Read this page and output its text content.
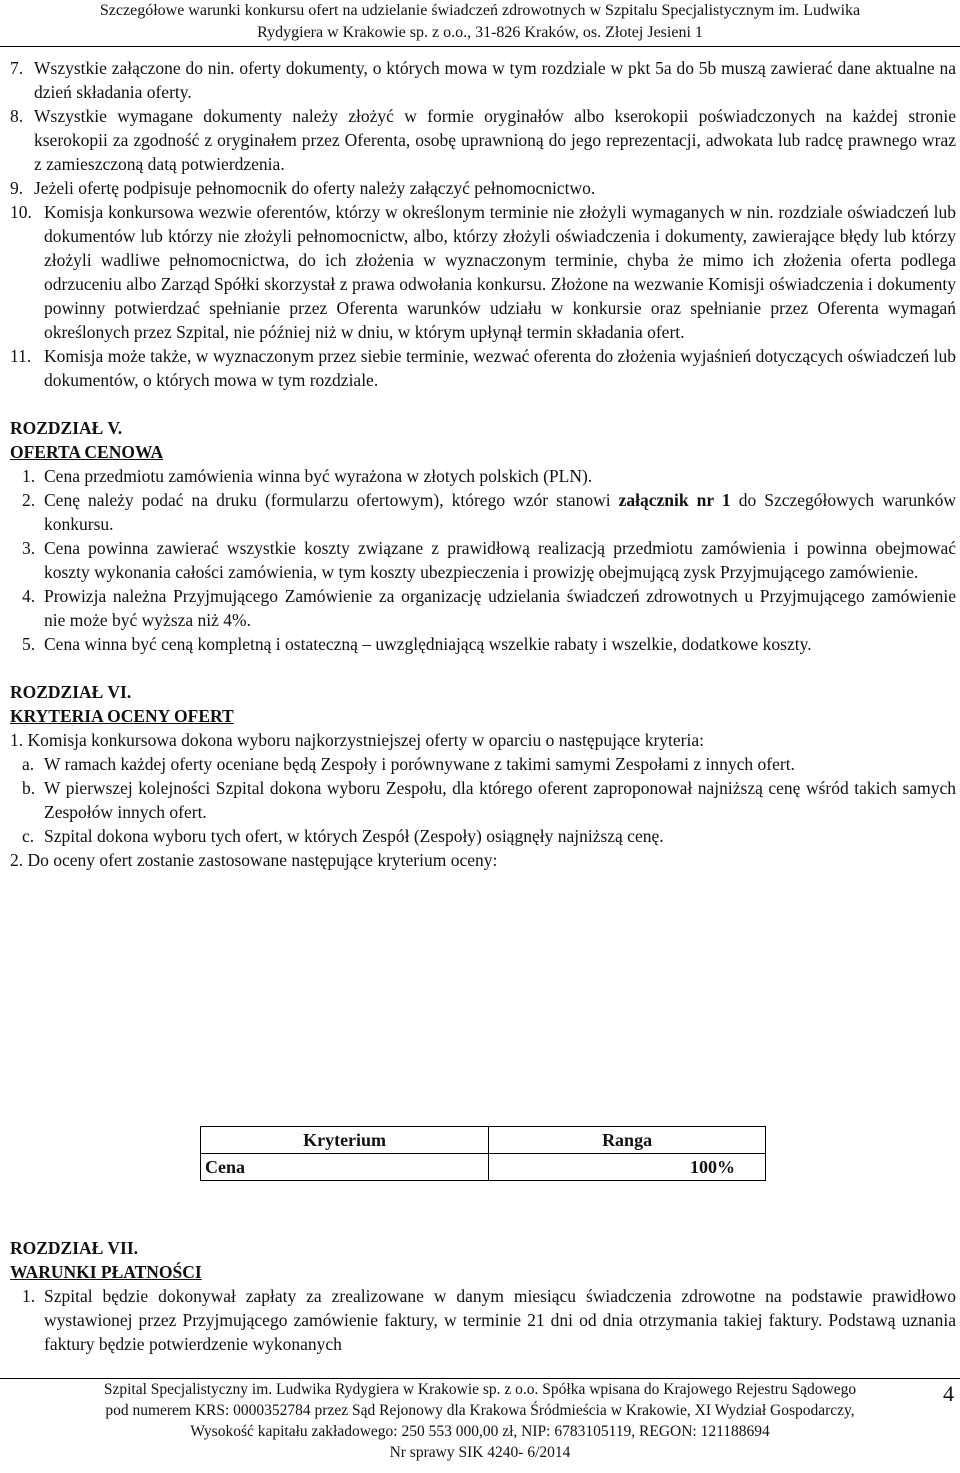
Szczegółowe warunki konkursu ofert na udzielanie świadczeń zdrowotnych w Szpitalu Specjalistycznym im. Ludwika
Rydygiera w Krakowie sp. z o.o., 31-826 Kraków, os. Złotej Jesieni 1
7. Wszystkie załączone do nin. oferty dokumenty, o których mowa w tym rozdziale w pkt 5a do 5b muszą zawierać dane aktualne na dzień składania oferty.
8. Wszystkie wymagane dokumenty należy złożyć w formie oryginałów albo kserokopii poświadczonych na każdej stronie kserokopii za zgodność z oryginałem przez Oferenta, osobę uprawnioną do jego reprezentacji, adwokata lub radcę prawnego wraz z zamieszczoną datą potwierdzenia.
9. Jeżeli ofertę podpisuje pełnomocnik do oferty należy załączyć pełnomocnictwo.
10. Komisja konkursowa wezwie oferentów, którzy w określonym terminie nie złożyli wymaganych w nin. rozdziale oświadczeń lub dokumentów lub którzy nie złożyli pełnomocnictw, albo, którzy złożyli oświadczenia i dokumenty, zawierające błędy lub którzy złożyli wadliwe pełnomocnictwa, do ich złożenia w wyznaczonym terminie, chyba że mimo ich złożenia oferta podlega odrzuceniu albo Zarząd Spółki skorzystał z prawa odwołania konkursu. Złożone na wezwanie Komisji oświadczenia i dokumenty powinny potwierdzać spełnianie przez Oferenta warunków udziału w konkursie oraz spełnianie przez Oferenta wymagań określonych przez Szpital, nie później niż w dniu, w którym upłynął termin składania ofert.
11. Komisja może także, w wyznaczonym przez siebie terminie, wezwać oferenta do złożenia wyjaśnień dotyczących oświadczeń lub dokumentów, o których mowa w tym rozdziale.
ROZDZIAŁ V.
OFERTA CENOWA
1. Cena przedmiotu zamówienia winna być wyrażona w złotych polskich (PLN).
2. Cenę należy podać na druku (formularzu ofertowym), którego wzór stanowi załącznik nr 1 do Szczegółowych warunków konkursu.
3. Cena powinna zawierać wszystkie koszty związane z prawidłową realizacją przedmiotu zamówienia i powinna obejmować koszty wykonania całości zamówienia, w tym koszty ubezpieczenia i prowizję obejmującą zysk Przyjmującego zamówienie.
4. Prowizja należna Przyjmującego Zamówienie za organizację udzielania świadczeń zdrowotnych u Przyjmującego zamówienie nie może być wyższa niż 4%.
5. Cena winna być ceną kompletną i ostateczną – uwzględniającą wszelkie rabaty i wszelkie, dodatkowe koszty.
ROZDZIAŁ VI.
KRYTERIA OCENY OFERT
1. Komisja konkursowa dokona wyboru najkorzystniejszej oferty w oparciu o następujące kryteria:
a. W ramach każdej oferty oceniane będą Zespoły i porównywane z takimi samymi Zespołami z innych ofert.
b. W pierwszej kolejności Szpital dokona wyboru Zespołu, dla którego oferent zaproponował najniższą cenę wśród takich samych Zespołów innych ofert.
c. Szpital dokona wyboru tych ofert, w których Zespół (Zespoły) osiągnęły najniższą cenę.
2. Do oceny ofert zostanie zastosowane następujące kryterium oceny:
Kryterium	Ranga
Cena	100%
ROZDZIAŁ VII.
WARUNKI PŁATNOŚCI
1. Szpital będzie dokonywał zapłaty za zrealizowane w danym miesiącu świadczenia zdrowotne na podstawie prawidłowo wystawionej przez Przyjmującego zamówienie faktury, w terminie 21 dni od dnia otrzymania takiej faktury. Podstawą uznania faktury będzie potwierdzenie wykonanych
Szpital Specjalistyczny im. Ludwika Rydygiera w Krakowie sp. z o.o. Spółka wpisana do Krajowego Rejestru Sądowego
pod numerem KRS: 0000352784 przez Sąd Rejonowy dla Krakowa Śródmieścia w Krakowie, XI Wydział Gospodarczy,
Wysokość kapitału zakładowego: 250 553 000,00 zł, NIP: 6783105119, REGON: 121188694
Nr sprawy SIK 4240- 6/2014
4
